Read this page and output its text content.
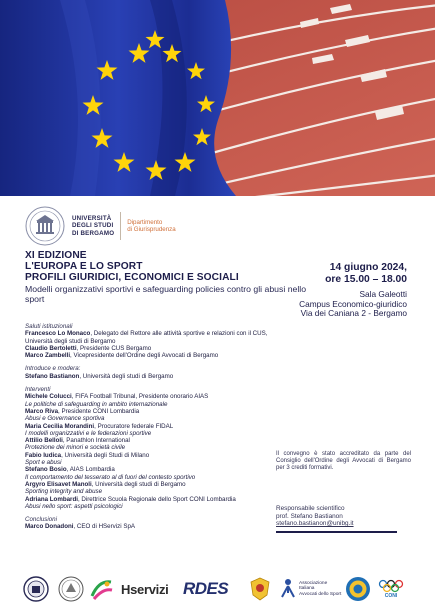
UNIVERSITÀ
DEGLI STUDI
DI BERGAMO
Dipartimento
di Giurisprudenza
XI EDIZIONE
L'EUROPA E LO SPORT
PROFILI GIURIDICI, ECONOMICI E SOCIALI
Modelli organizzativi sportivi e safeguarding policies contro gli abusi nello sport
14 giugno 2024,
ore 15.00 – 18.00
Sala Galeotti
Campus Economico-giuridico
Via dei Caniana 2 - Bergamo
Saluti istituzionali
Francesco Lo Monaco, Delegato del Rettore alle attività sportive e relazioni con il CUS, Università degli studi di Bergamo
Claudio Bertoletti, Presidente CUS Bergamo
Marco Zambelli, Vicepresidente dell'Ordine degli Avvocati di Bergamo
Introduce e modera:
Stefano Bastianon, Università degli studi di Bergamo
Interventi
Michele Colucci, FIFA Football Tribunal, Presidente onorario AIAS
Le politiche di safeguarding in ambito internazionale
Marco Riva, Presidente CONI Lombardia
Abusi e Governance sportiva
Maria Cecilia Morandini, Procuratore federale FIDAL
I modelli organizzativi e le federazioni sportive
Attilio Belloli, Panathlon International
Protezione dei minori e società civile
Fabio Iudica, Università degli Studi di Milano
Sport e abusi
Stefano Bosio, AIAS Lombardia
Il comportamento del tesserato al di fuori del contesto sportivo
Argyro Elisavet Manoli, Università degli studi di Bergamo
Sporting integrity and abuse
Adriana Lombardi, Direttrice Scuola Regionale dello Sport CONI Lombardia
Abusi nello sport: aspetti psicologici
Conclusioni
Marco Donadoni, CEO di HServizi SpA
Il convegno è stato accreditato da parte del Consiglio dell'Ordine degli Avvocati di Bergamo per 3 crediti formativi.
Responsabile scientifico
prof. Stefano Bastianon
stefano.bastianon@unibg.it
Hservizi RDES	Associazione
Italiana
Avvocati dello Sport	CONI
